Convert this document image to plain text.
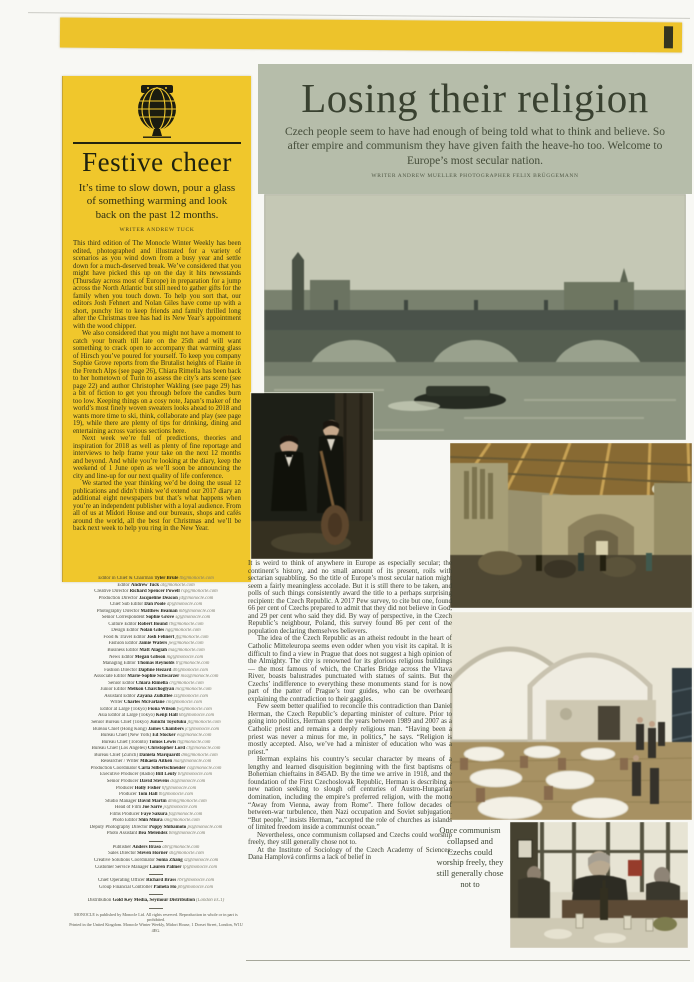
Festive cheer
It’s time to slow down, pour a glass of something warming and look back on the past 12 months.
WRITER ANDREW TUCK

This third edition of The Monocle Winter Weekly has been edited, photographed and illustrated for a variety of scenarios as you wind down from a busy year and settle down for a much-deserved break. We’ve considered that you might have picked this up on the day it hits newsstands (Thursday across most of Europe) in preparation for a jump across the North Atlantic but still need to gather gifts for the family when you touch down. To help you sort that, our editors Josh Fehnert and Nolan Giles have come up with a short, punchy list to keep friends and family thrilled long after the Christmas tree has had its New Year’s appointment with the wood chipper.

We also considered that you might not have a moment to catch your breath till late on the 25th and will want something to crack open to accompany that warming glass of Hirsch you’ve poured for yourself. To keep you company Sophie Grove reports from the Brutalist heights of Flaine in the French Alps (see page 26), Chiara Rimella has been back to her hometown of Turin to assess the city’s arts scene (see page 22) and author Christopher Wakling (see page 29) has a bit of fiction to get you through before the candles burn too low. Keeping things on a cosy note, Japan’s maker of the world’s most finely woven sweaters looks ahead to 2018 and wants more time to ski, think, collaborate and play (see page 19), while there are plenty of tips for drinking, dining and entertaining across various sections here.

Next week we’re full of predictions, theories and inspiration for 2018 as well as plenty of fine reportage and interviews to help frame your take on the next 12 months and beyond. And while you’re looking at the diary, keep the weekend of 1 June open as we’ll soon be announcing the city and line-up for our next quality of life conference.

We started the year thinking we’d be doing the usual 12 publications and didn’t think we’d extend our 2017 diary an additional eight newspapers but that’s what happens when you’re an independent publisher with a loyal audience. From all of us at Midori House and our bureaux, shops and cafés around the world, all the best for Christmas and we’ll be back next week to help you ring in the New Year.

Editor in Chief & Chairman Tyler Brûlé tb@monocle.com
Editor Andrew Tuck at@monocle.com
Creative Director Richard Spencer Powell rsp@monocle.com
Production Director Jacqueline Deacon jd@monocle.com
Chief Sub Editor Dan Poole dp@monocle.com
Photography Director Matthew Beaman mb@monocle.com
Senior Correspondent Sophie Grove sg@monocle.com
Culture Editor Robert Bound rb@monocle.com
Design Editor Nolan Giles ng@monocle.com
Food & Travel Editor Josh Fehnert jf@monocle.com
Fashion Editor Jamie Waters jw@monocle.com
Business Editor Matt Alagiah ma@monocle.com
News Editor Megan Gibson mg@monocle.com
Managing Editor Thomas Reynolds tr@monocle.com
Fashion Director Daphne Hezard dh@monocle.com
Associate Editor Marie-Sophie Schwarzer mss@monocle.com
Senior Editor Chiara Rimella cr@monocle.com
Junior Editor Melkon Charchoglyan mc@monocle.com
Assistant Editor Zayana Zulkiflee zz@monocle.com
Writer Charles McFarlane cm@monocle.com
Editor at Large (Tokyo) Fiona Wilson fw@monocle.com
Asia Editor at Large (Tokyo) Kenji Hall kh@monocle.com
Senior Bureau Chief (Tokyo) Junichi Toyofuku jt@monocle.com
Bureau Chief (Hong Kong) James Chambers jc@monocle.com
Bureau Chief (New York) Ed Stocker es@monocle.com
Bureau Chief (Toronto) Tomos Lewis tl@monocle.com
Bureau Chief (Los Angeles) Christopher Lord cl@monocle.com
Bureau Chief (Zürich) Daniela Marquardt dm@monocle.com
Researcher / Writer Mikaela Aitken mai@monocle.com
Production Coordinator Carla Silbertschneider cs@monocle.com
Executive Producer (Radio) Bill Leuty bl@monocle.com
Senior Producer David Stevens ds@monocle.com
Producer Holly Fisher hf@monocle.com
Producer Tom Hall th@monocle.com
Studio Manager David Martin dmn@monocle.com
Head of Film Joe Sarre js@monocle.com
Films Producer Faye Sakura fs@monocle.com
Photo Editor Shin Miura sm@monocle.com
Deputy Photography Director Poppy Shibamoto ps@monocle.com
Photo Assistant Bea Melendez bm@monocle.com
Publisher Anders Braso abr@monocle.com
Sales Director Steven Horner sh@monocle.com
Creative Solutions Coordinator Sonia Zhang sz@monocle.com
Customer Service Manager Lauren Palmer lp@monocle.com
Chief Operating Officer Richard Brass rbr@monocle.com
Group Financial Controller Pamela Ho ph@monocle.com
Distribution Gold Key Media, Seymour Distribution (London EC1)
MONOCLE is published by Monocle Ltd. All rights reserved. Reproduction in whole or in part is prohibited.
Printed in the United Kingdom. Monocle Winter Weekly, Midori House, 1 Dorset Street, London, W1U 4EG.
Losing their religion
Czech people seem to have had enough of being told what to think and believe. So after empire and communism they have given faith the heave-ho too. Welcome to Europe’s most secular nation.
WRITER ANDREW MUELLER PHOTOGRAPHER FELIX BRÜGGEMANN

It is weird to think of anywhere in Europe as especially secular; the continent’s history, and no small amount of its present, roils with sectarian squabbling. So the title of Europe’s most secular nation might seem a fairly meaningless accolade. But it is still there to be taken, and polls of such things consistently award the title to a perhaps surprising recipient: the Czech Republic. A 2017 Pew survey, to cite but one, found 66 per cent of Czechs prepared to admit that they did not believe in God, and 29 per cent who said they did. By way of perspective, in the Czech Republic’s neighbour, Poland, this survey found 86 per cent of the population declaring themselves believers.

The idea of the Czech Republic as an atheist redoubt in the heart of Catholic Mitteleuropa seems even odder when you visit its capital. It is difficult to find a view in Prague that does not suggest a high opinion of the Almighty. The city is renowned for its glorious religious buildings — the most famous of which, the Charles Bridge across the Vltava River, boasts balustrades punctuated with statues of saints. But the Czechs’ indifference to everything these monuments stand for is now part of the patter of Prague’s tour guides, who can be overheard explaining the contradiction to their gaggles.

Few seem better qualified to reconcile this contradiction than Daniel Herman, the Czech Republic’s departing minister of culture. Prior to going into politics, Herman spent the years between 1989 and 2007 as a Catholic priest and remains a deeply religious man. “Having been a priest was never a minus for me, in politics,” he says. “Religion is mostly accepted. Also, we’ve had a minister of education who was a priest.”

Herman explains his country’s secular character by means of a lengthy and learned disquisition beginning with the first baptisms of Bohemian chieftains in 845AD. By the time we arrive in 1918, and the foundation of the First Czechoslovak Republic, Herman is describing a new nation seeking to slough off centuries of Austro-Hungarian domination, including the empire’s preferred religion, with the motto “Away from Vienna, away from Rome”. There follow decades of between-war turbulence, then Nazi occupation and Soviet subjugation. “But people,” insists Herman, “accepted the role of churches as islands of limited freedom inside a communist ocean.”

Nevertheless, once communism collapsed and Czechs could worship freely, they still generally chose not to.

At the Institute of Sociology of the Czech Academy of Sciences, Dana Hamplová confirms a lack of belief in

Once communism collapsed and Czechs could worship freely, they still generally chose not to
